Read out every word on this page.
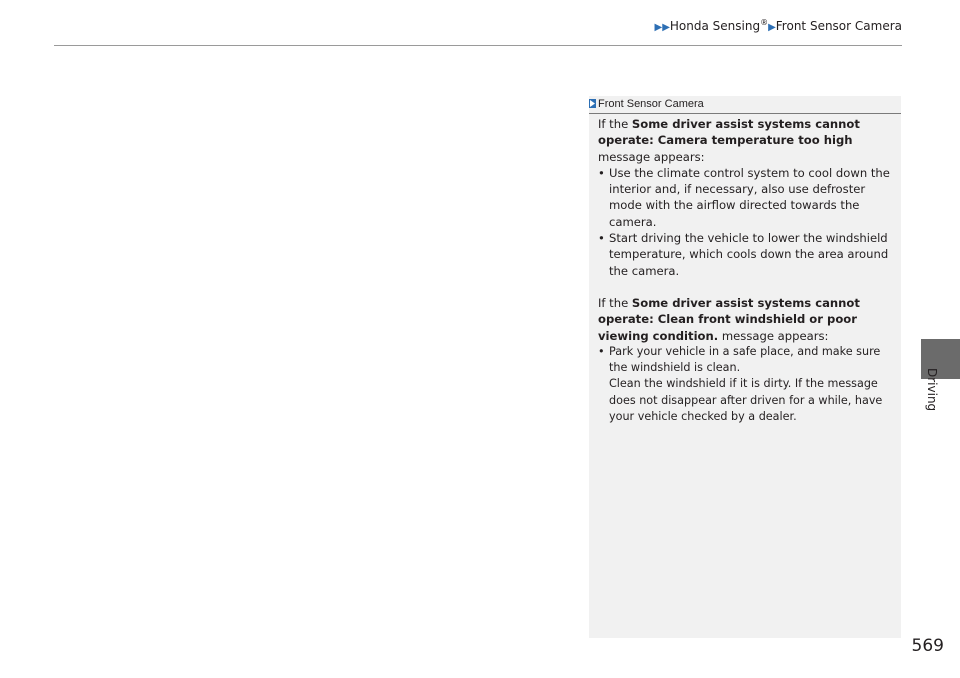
▶▶Honda Sensing®▶Front Sensor Camera
Front Sensor Camera

If the Some driver assist systems cannot operate: Camera temperature too high message appears:

• Use the climate control system to cool down the interior and, if necessary, also use defroster mode with the airflow directed towards the camera.
• Start driving the vehicle to lower the windshield temperature, which cools down the area around the camera.

If the Some driver assist systems cannot operate: Clean front windshield or poor viewing condition. message appears:

• Park your vehicle in a safe place, and make sure the windshield is clean.
Clean the windshield if it is dirty. If the message does not disappear after driven for a while, have your vehicle checked by a dealer.
Driving
569
